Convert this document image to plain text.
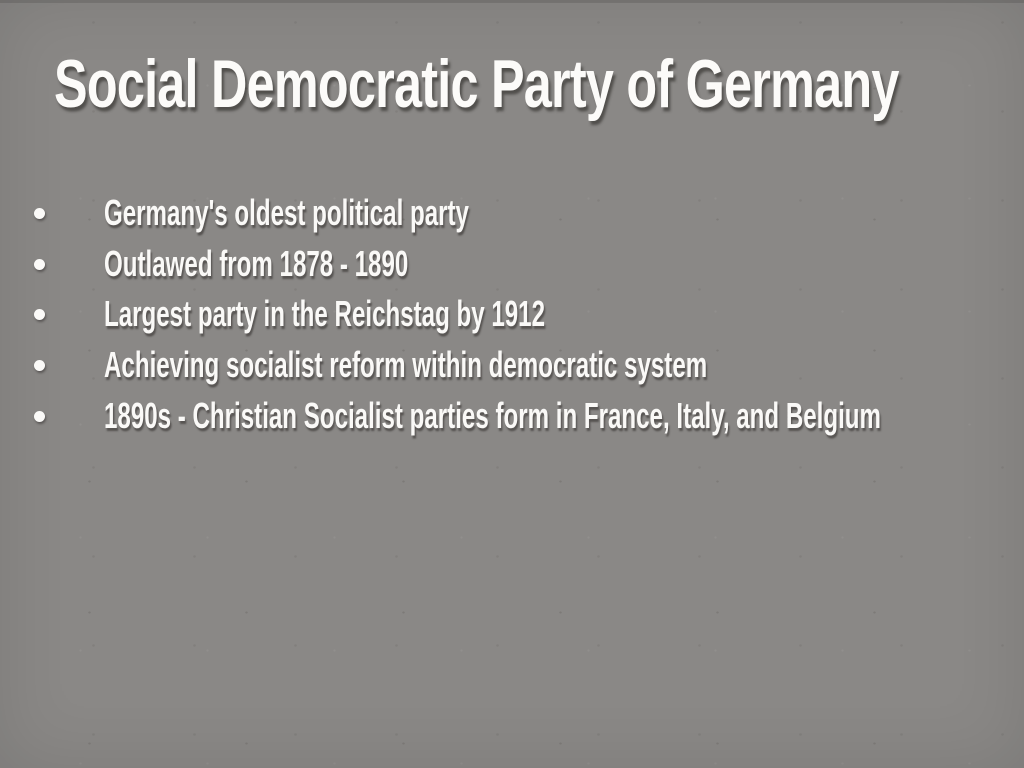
Social Democratic Party of Germany
Germany's oldest political party
Outlawed from 1878 - 1890
Largest party in the Reichstag by 1912
Achieving socialist reform within democratic system
1890s - Christian Socialist parties form in France, Italy, and Belgium
